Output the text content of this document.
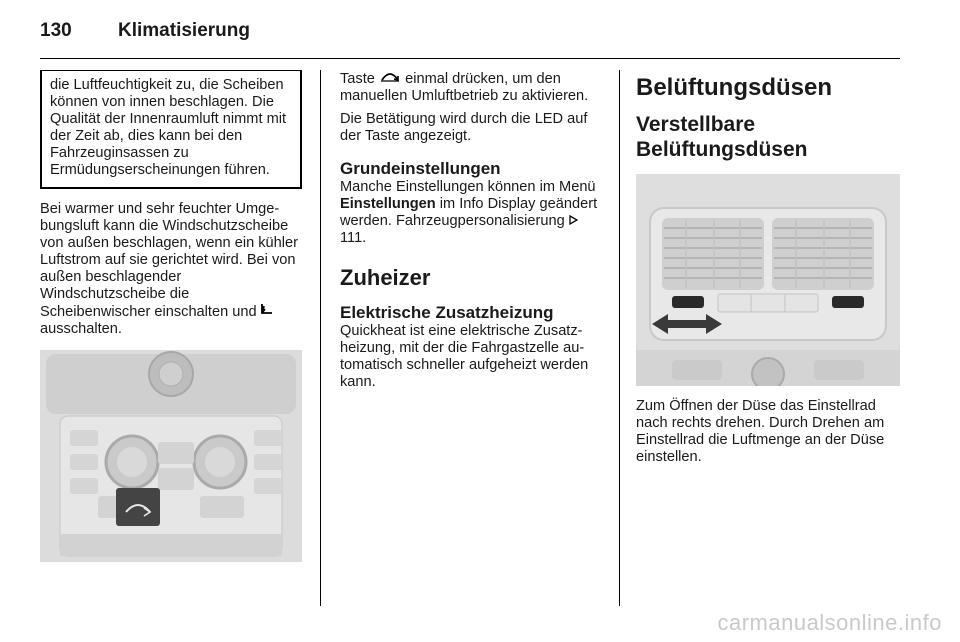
130 Klimatisierung

die Luftfeuchtigkeit zu, die Scheiben können von innen beschlagen. Die Qualität der Innenraumluft nimmt mit der Zeit ab, dies kann bei den Fahrzeuginsassen zu Ermüdungserscheinungen führen.

Bei warmer und sehr feuchter Umgebungsluft kann die Windschutzscheibe von außen beschlagen, wenn ein kühler Luftstrom auf sie gerichtet wird. Bei von außen beschlagender Windschutzscheibe die Scheibenwischer einschalten und  ausschalten.

Taste einmal drücken, um den manuellen Umluftbetrieb zu aktivieren.

Die Betätigung wird durch die LED auf der Taste angezeigt.

Grundeinstellungen

Manche Einstellungen können im Menü Einstellungen im Info Display geändert werden. Fahrzeugpersonalisierung  111.

Zuheizer
Elektrische Zusatzheizung

Quickheat ist eine elektrische Zusatzheizung, mit der die Fahrgastzelle automatisch schneller aufgeheizt werden kann.

Belüftungsdüsen
Verstellbare Belüftungsdüsen

Zum Öffnen der Düse das Einstellrad nach rechts drehen. Durch Drehen am Einstellrad die Luftmenge an der Düse einstellen.

carmanualsonline.info
